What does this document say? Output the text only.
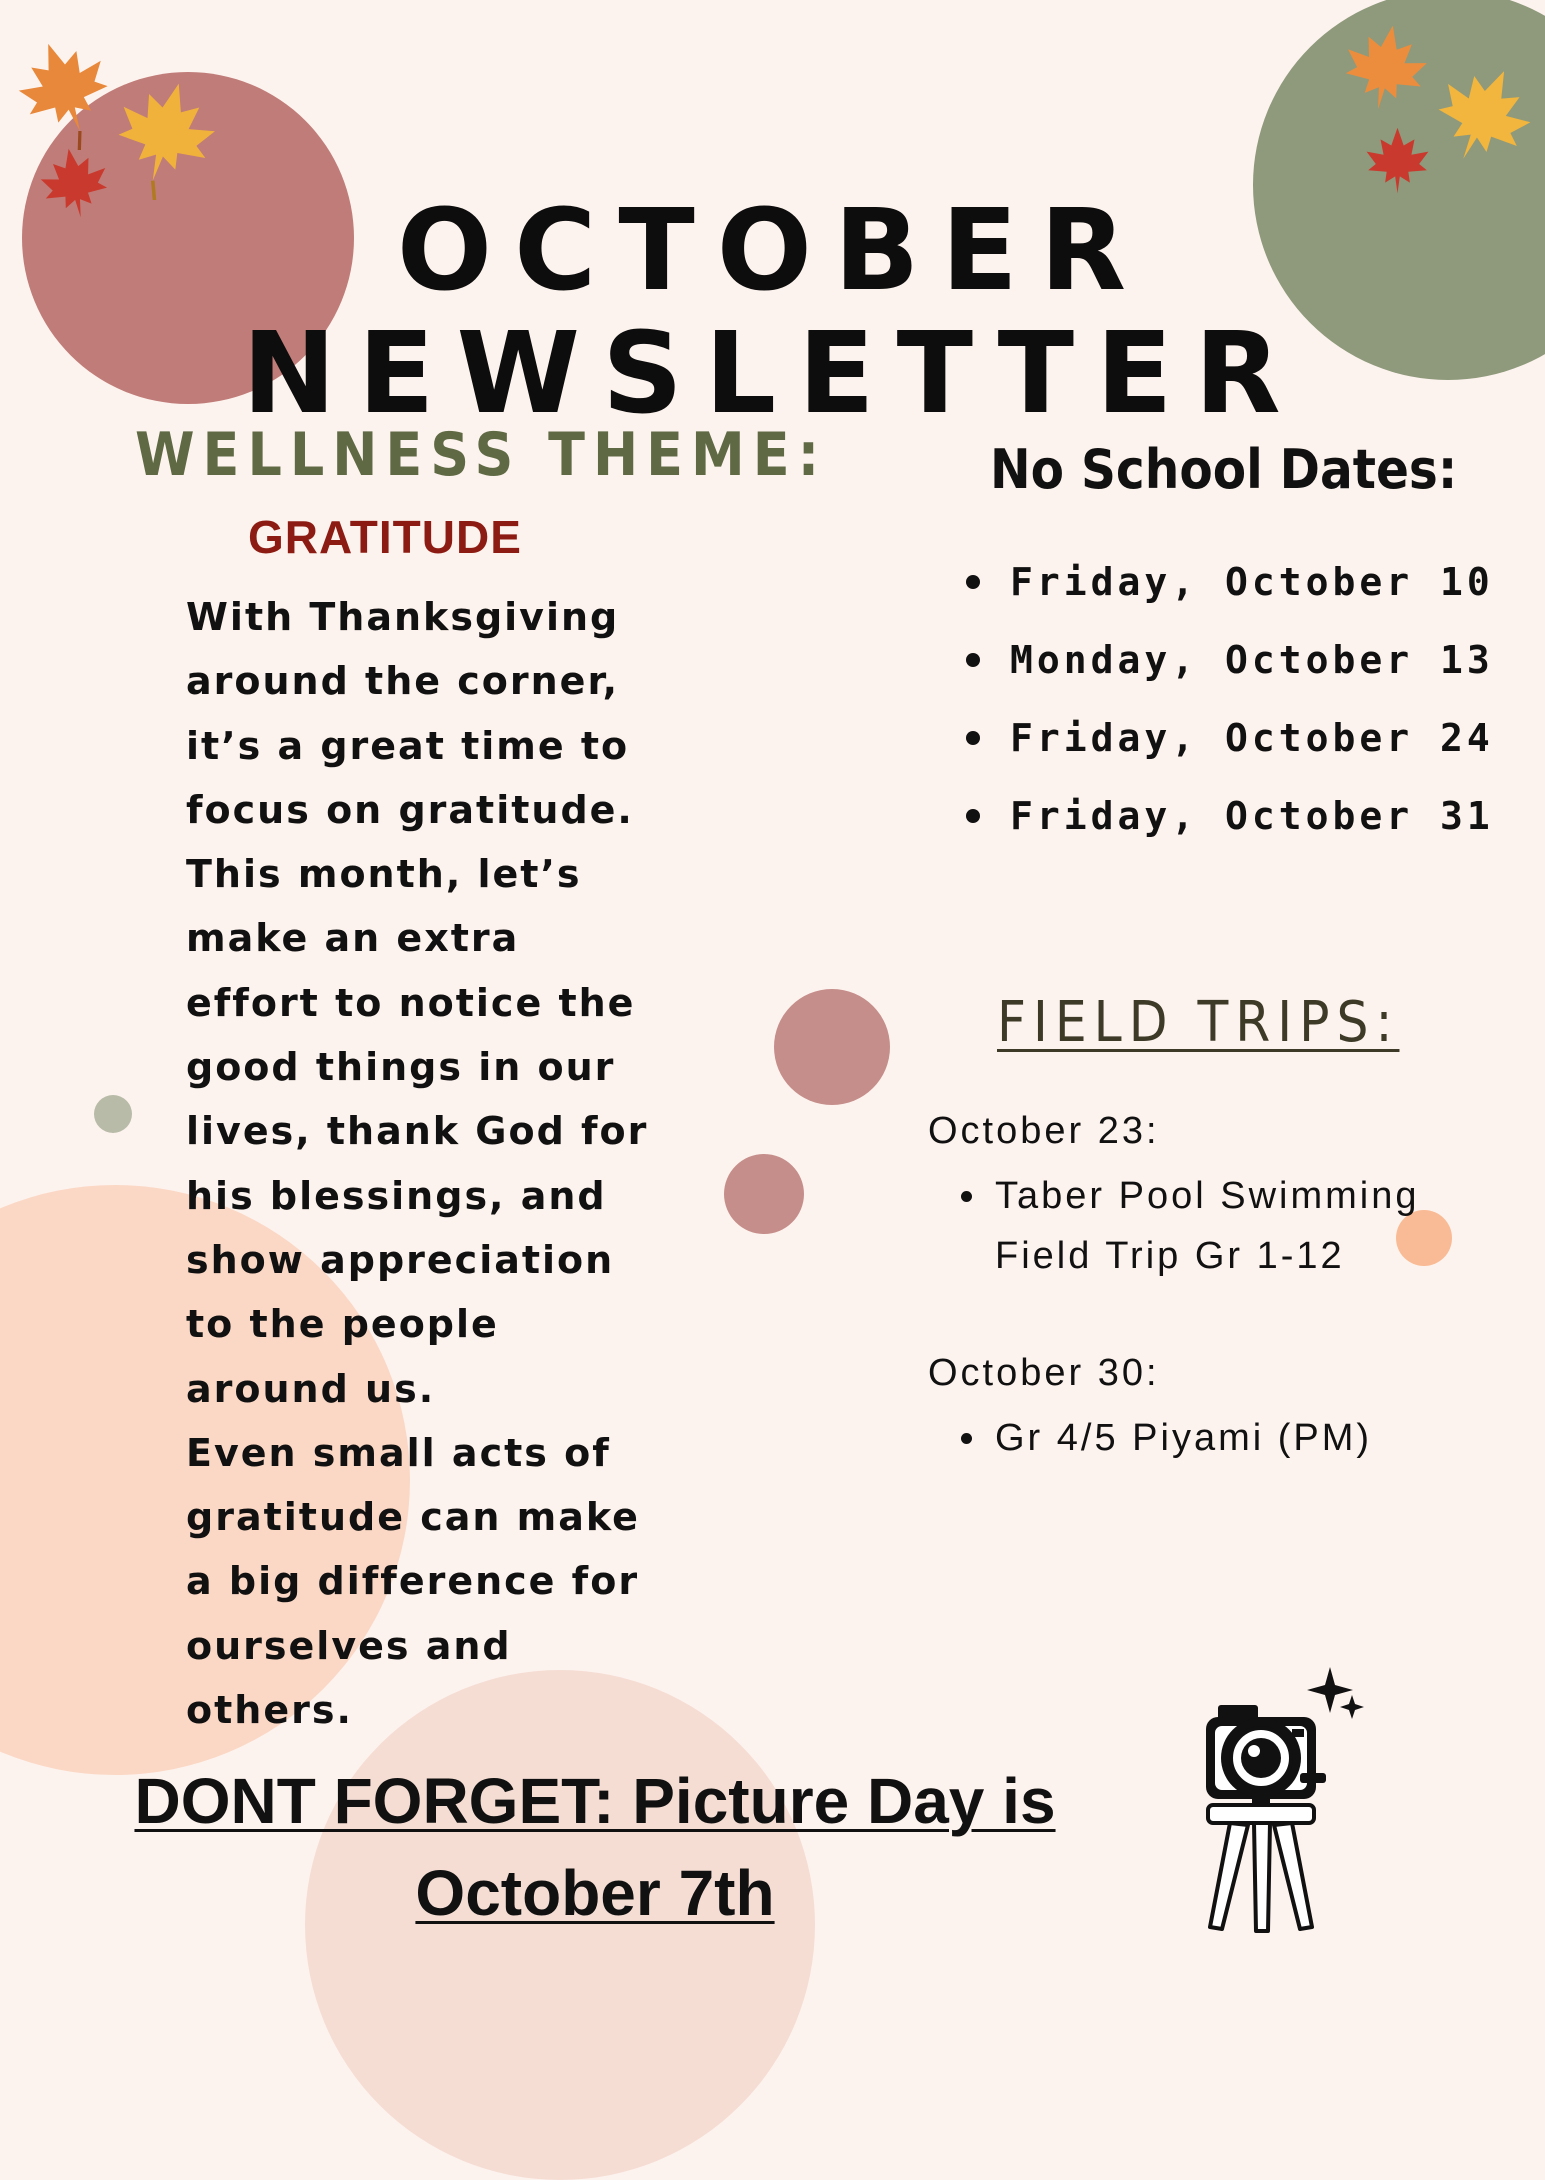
OCTOBER NEWSLETTER
WELLNESS THEME:
GRATITUDE

With Thanksgiving
around the corner,
it’s a great time to
focus on gratitude.
This month, let’s
make an extra
effort to notice the
good things in our
lives, thank God for
his blessings, and
show appreciation
to the people
around us.
Even small acts of
gratitude can make
a big difference for
ourselves and
others.

No School Dates:
Friday, October 10
Monday, October 13
Friday, October 24
Friday, October 31
FIELD TRIPS:

October 23:

Taber Pool Swimming Field Trip Gr 1-12

October 30:

Gr 4/5 Piyami (PM)

DONT FORGET: Picture Day is
October 7th
